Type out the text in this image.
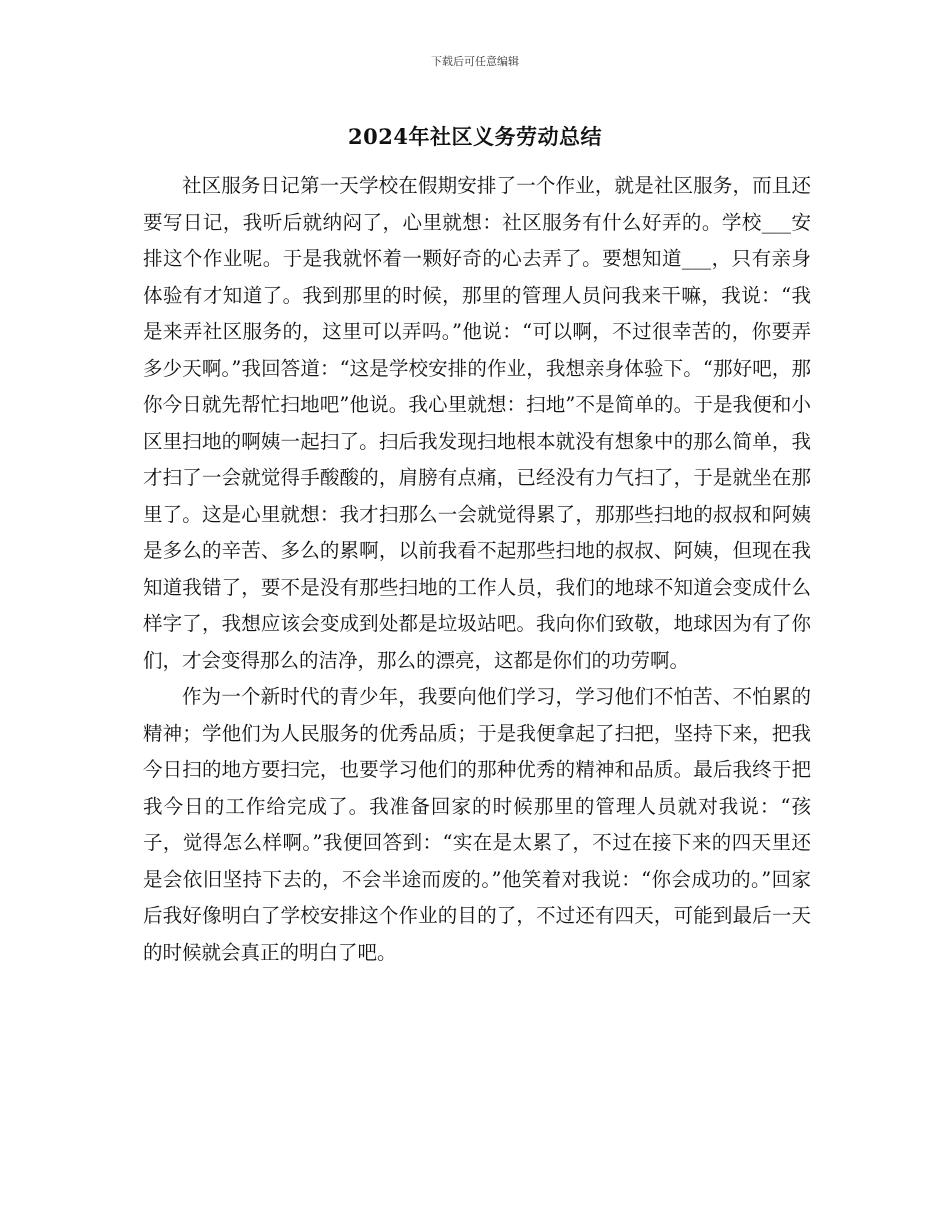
下载后可任意编辑
2024年社区义务劳动总结

社区服务日记第一天学校在假期安排了一个作业，就是社区服务，而且还要写日记，我听后就纳闷了，心里就想：社区服务有什么好弄的。学校___安排这个作业呢。于是我就怀着一颗好奇的心去弄了。要想知道___，只有亲身体验有才知道了。我到那里的时候，那里的管理人员问我来干嘛，我说：“我是来弄社区服务的，这里可以弄吗。”他说：“可以啊，不过很幸苦的，你要弄多少天啊。”我回答道：“这是学校安排的作业，我想亲身体验下。“那好吧，那你今日就先帮忙扫地吧”他说。我心里就想：扫地”不是简单的。于是我便和小区里扫地的啊姨一起扫了。扫后我发现扫地根本就没有想象中的那么简单，我才扫了一会就觉得手酸酸的，肩膀有点痛，已经没有力气扫了，于是就坐在那里了。这是心里就想：我才扫那么一会就觉得累了，那那些扫地的叔叔和阿姨是多么的辛苦、多么的累啊，以前我看不起那些扫地的叔叔、阿姨，但现在我知道我错了，要不是没有那些扫地的工作人员，我们的地球不知道会变成什么样字了，我想应该会变成到处都是垃圾站吧。我向你们致敬，地球因为有了你们，才会变得那么的洁净，那么的漂亮，这都是你们的功劳啊。

作为一个新时代的青少年，我要向他们学习，学习他们不怕苦、不怕累的精神；学他们为人民服务的优秀品质；于是我便拿起了扫把，坚持下来，把我今日扫的地方要扫完，也要学习他们的那种优秀的精神和品质。最后我终于把我今日的工作给完成了。我准备回家的时候那里的管理人员就对我说：“孩子，觉得怎么样啊。”我便回答到：“实在是太累了，不过在接下来的四天里还是会依旧坚持下去的，不会半途而废的。”他笑着对我说：“你会成功的。”回家后我好像明白了学校安排这个作业的目的了，不过还有四天，可能到最后一天的时候就会真正的明白了吧。
